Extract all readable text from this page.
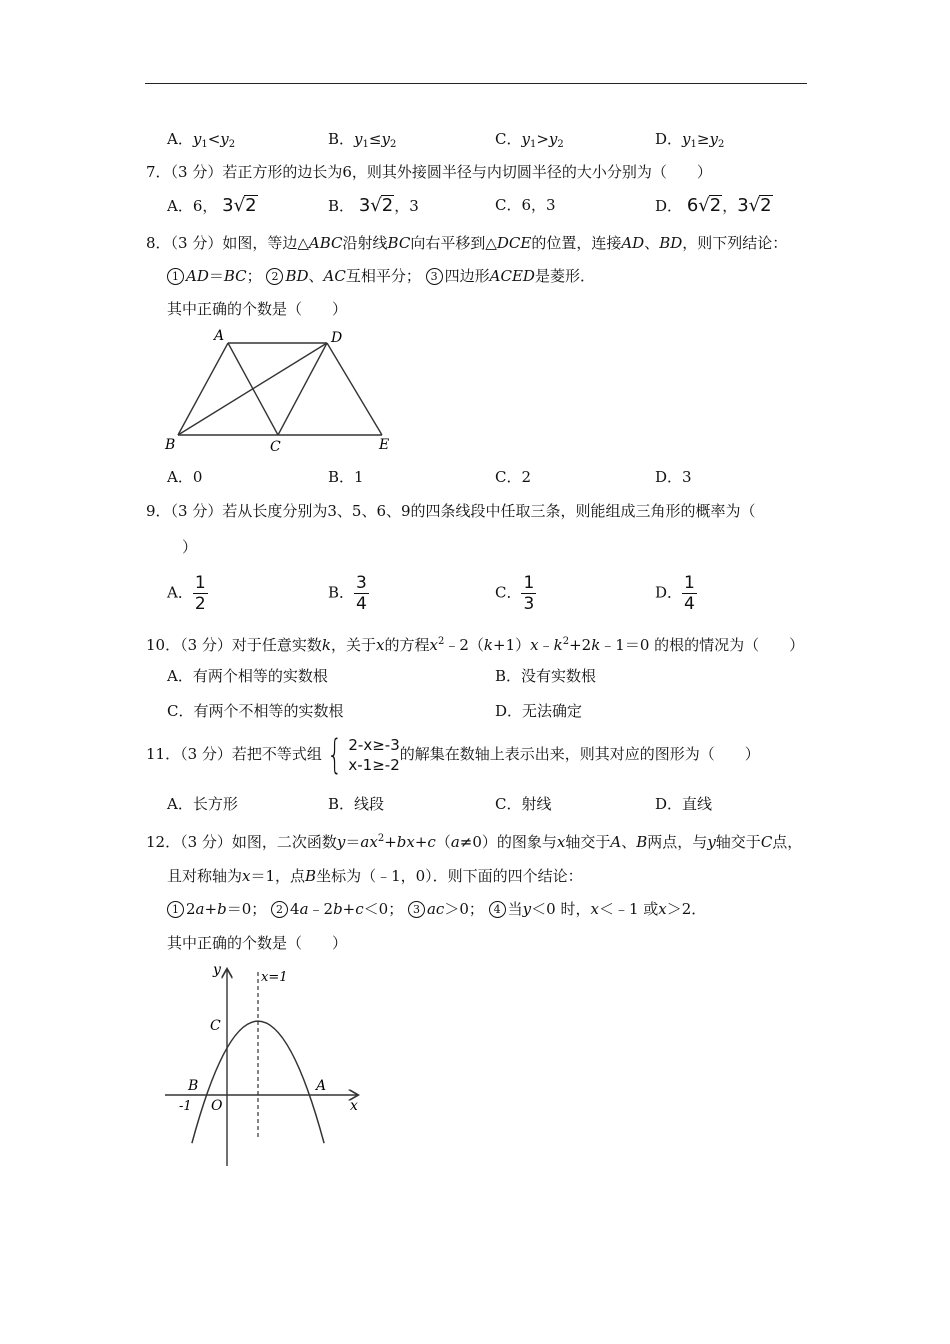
A．$y_1<y_2$	B．$y_1\le y_2$	C．$y_1>y_2$	D．$y_1\ge y_2$
7．（3 分）若正方形的边长为6，则其外接圆半径与内切圆半径的大小分别为（　　）
A．6， 3√2	B． 3√2，3	C．6，3	D． 6√2，3√2
8．（3 分）如图，等边△ABC沿射线BC向右平移到△DCE的位置，连接AD、BD，则下列结论：
1 AD＝BC； 2 BD、AC互相平分； 3 四边形ACED是菱形．
其中正确的个数是（　　）
A	D
B	C	E
A．0	B．1	C．2	D．3
9．（3 分）若从长度分别为3、5、6、9的四条线段中任取三条，则能组成三角形的概率为（
）
A． $\frac{1}{2}$	B． $\frac{3}{4}$	C． $\frac{1}{3}$	D． $\frac{1}{4}$
10．（3 分）对于任意实数k，关于x的方程$x^2﹣2(k+1)x﹣k^2+2k﹣1=0$ 的根的情况为（　　）
A．有两个相等的实数根	B．没有实数根
C．有两个不相等的实数根	D．无法确定
11．（3 分）若把不等式组 { 2-x≥-3
x-1≥-2
的解集在数轴上表示出来，则其对应的图形为（　　）
A．长方形	B．线段	C．射线	D．直线
12．（3 分）如图，二次函数$y=ax^2+bx+c(a\ne 0)$的图象与x轴交于A、B两点，与y轴交于C点，
且对称轴为x＝1，点B坐标为（﹣1，0）．则下面的四个结论：
1 2a+b＝0； 2 4a﹣2b+c＜0； 3 ac＞0； 4 当y＜0 时，x＜﹣1 或x＞2．
其中正确的个数是（　　）
y
x
x=1
C
B	A
O
-1
